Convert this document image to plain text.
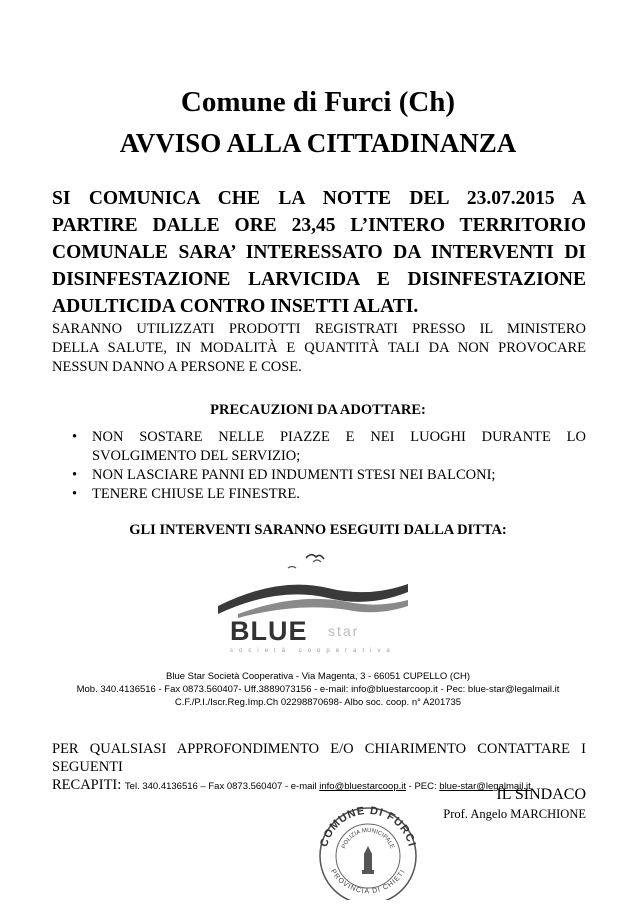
Comune di Furci (Ch)
AVVISO ALLA CITTADINANZA

SI COMUNICA CHE LA NOTTE DEL 23.07.2015 A
PARTIRE DALLE ORE 23,45 L’INTERO TERRITORIO
COMUNALE SARA’ INTERESSATO DA INTERVENTI DI
DISINFESTAZIONE LARVICIDA E DISINFESTAZIONE
ADULTICIDA CONTRO INSETTI ALATI.

SARANNO UTILIZZATI PRODOTTI REGISTRATI PRESSO IL MINISTERO
DELLA SALUTE, IN MODALITÀ E QUANTITÀ TALI DA NON PROVOCARE
NESSUN DANNO A PERSONE E COSE.

PRECAUZIONI DA ADOTTARE:

• NON SOSTARE NELLE PIAZZE E NEI LUOGHI DURANTE LO
SVOLGIMENTO DEL SERVIZIO;
• NON LASCIARE PANNI ED INDUMENTI STESI NEI BALCONI;
• TENERE CHIUSE LE FINESTRE.

GLI INTERVENTI SARANNO ESEGUITI DALLA DITTA:

BLUE star
società cooperativa
Blue Star Società Cooperativa - Via Magenta, 3 - 66051 CUPELLO (CH)
Mob. 340.4136516 - Fax 0873.560407- Uff.3889073156 - e-mail: info@bluestarcoop.it - Pec: blue-star@legalmail.it
C.F./P.I./Iscr.Reg.Imp.Ch 02298870698- Albo soc. coop. n° A201735
PER QUALSIASI APPROFONDIMENTO E/O CHIARIMENTO CONTATTARE I SEGUENTI
RECAPITI: Tel. 340.4136516 – Fax 0873.560407 - e-mail info@bluestarcoop.it - PEC: blue-star@legalmail.it
COMUNE DI FURCI
PROVINCIA DI CHIETI
POLIZIA MUNICIPALE
IL SINDACO
Prof. Angelo MARCHIONE
